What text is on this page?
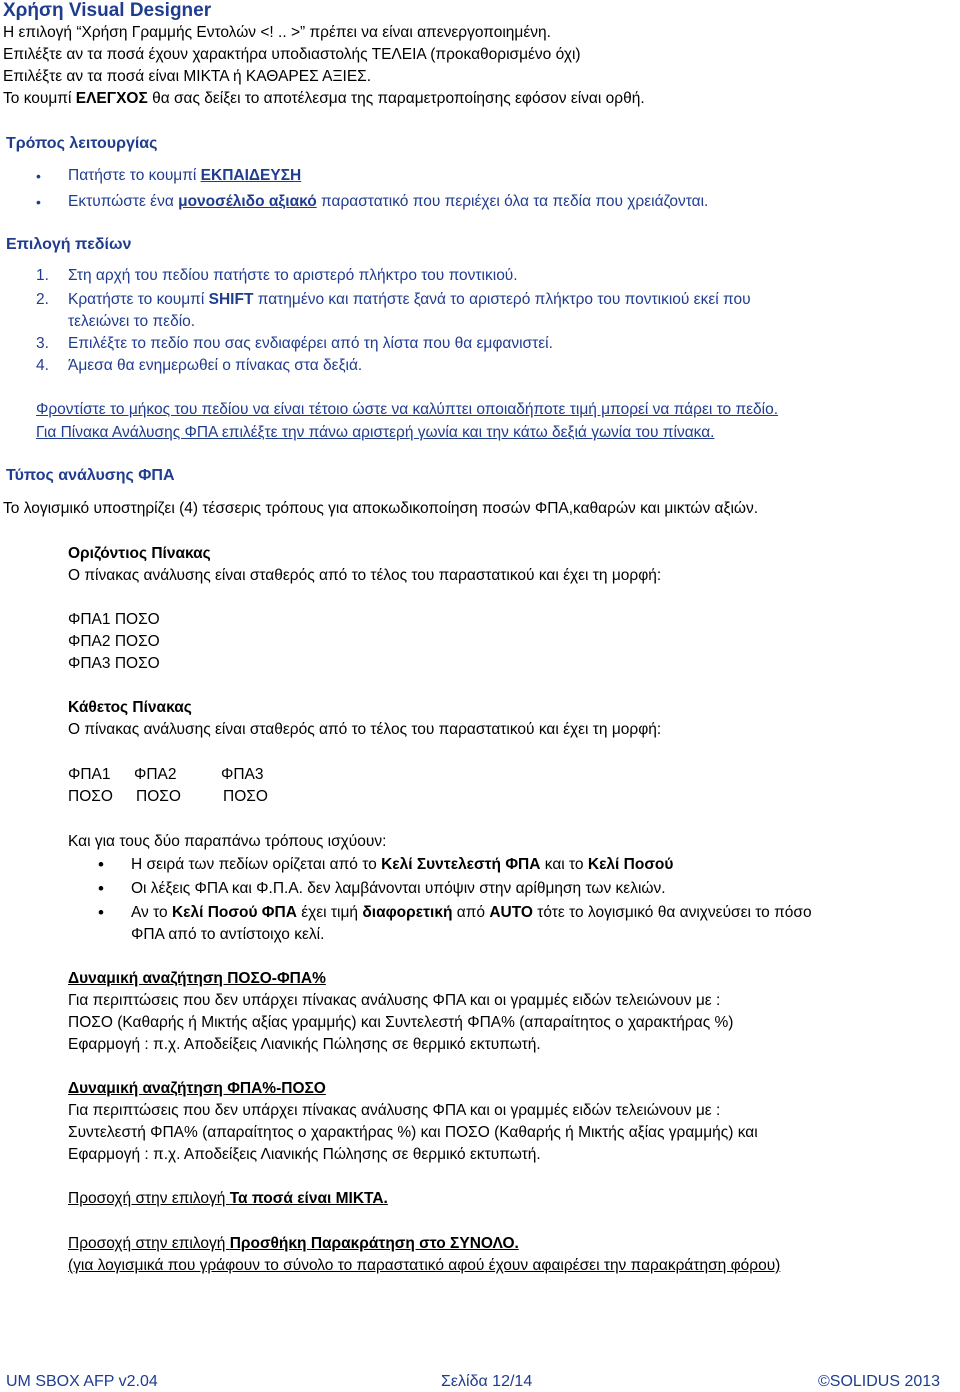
Χρήση Visual Designer
Η επιλογή “Χρήση Γραμμής Εντολών <! .. >” πρέπει να είναι απενεργοποιημένη.
Επιλέξτε αν τα ποσά έχουν χαρακτήρα υποδιαστολής ΤΕΛΕΙΑ (προκαθορισμένο όχι)
Επιλέξτε αν τα ποσά είναι ΜΙΚΤΑ ή ΚΑΘΑΡΕΣ ΑΞΙΕΣ.
Το κουμπί ΕΛΕΓΧΟΣ θα σας δείξει το αποτέλεσμα της παραμετροποίησης εφόσον είναι ορθή.
Τρόπος λειτουργίας
• Πατήστε το κουμπί ΕΚΠΑΙΔΕΥΣΗ
• Εκτυπώστε ένα μονοσέλιδο αξιακό παραστατικό που περιέχει όλα τα πεδία που χρειάζονται.
Επιλογή πεδίων
1. Στη αρχή του πεδίου πατήστε το αριστερό πλήκτρο του ποντικιού.
2. Κρατήστε το κουμπί SHIFT πατημένο και πατήστε ξανά το αριστερό πλήκτρο του ποντικιού εκεί που
τελειώνει το πεδίο.
3. Επιλέξτε το πεδίο που σας ενδιαφέρει από τη λίστα που θα εμφανιστεί.
4. Άμεσα θα ενημερωθεί ο πίνακας στα δεξιά.
Φροντίστε το μήκος του πεδίου να είναι τέτοιο ώστε να καλύπτει οποιαδήποτε τιμή μπορεί να πάρει το πεδίο.
Για Πίνακα Ανάλυσης ΦΠΑ επιλέξτε την πάνω αριστερή γωνία και την κάτω δεξιά γωνία του πίνακα.
Τύπος ανάλυσης ΦΠΑ
Το λογισμικό υποστηρίζει (4) τέσσερις τρόπους για αποκωδικοποίηση ποσών ΦΠΑ,καθαρών και μικτών αξιών.
Οριζόντιος Πίνακας
Ο πίνακας ανάλυσης είναι σταθερός από το τέλος του παραστατικού και έχει τη μορφή:
ΦΠΑ1 ΠΟΣΟ
ΦΠΑ2 ΠΟΣΟ
ΦΠΑ3 ΠΟΣΟ
Κάθετος Πίνακας
Ο πίνακας ανάλυσης είναι σταθερός από το τέλος του παραστατικού και έχει τη μορφή:
ΦΠΑ1 ΦΠΑ2	ΦΠΑ3
ΠΟΣΟ ΠΟΣΟ	ΠΟΣΟ
Και για τους δύο παραπάνω τρόπους ισχύουν:
• Η σειρά των πεδίων ορίζεται από το Κελί Συντελεστή ΦΠΑ και το Κελί Ποσού
• Οι λέξεις ΦΠΑ και Φ.Π.Α. δεν λαμβάνονται υπόψιν στην αρίθμηση των κελιών.
• Αν το Κελί Ποσού ΦΠΑ έχει τιμή διαφορετική από AUTO τότε το λογισμικό θα ανιχνεύσει το πόσο
ΦΠΑ από το αντίστοιχο κελί.
Δυναμική αναζήτηση ΠΟΣΟ-ΦΠΑ%
Για περιπτώσεις που δεν υπάρχει πίνακας ανάλυσης ΦΠΑ και οι γραμμές ειδών τελειώνουν με :
ΠΟΣΟ (Καθαρής ή Μικτής αξίας γραμμής) και Συντελεστή ΦΠΑ% (απαραίτητος ο χαρακτήρας %)
Εφαρμογή : π.χ. Αποδείξεις Λιανικής Πώλησης σε θερμικό εκτυπωτή.
Δυναμική αναζήτηση ΦΠΑ%-ΠΟΣΟ
Για περιπτώσεις που δεν υπάρχει πίνακας ανάλυσης ΦΠΑ και οι γραμμές ειδών τελειώνουν με :
Συντελεστή ΦΠΑ% (απαραίτητος ο χαρακτήρας %) και ΠΟΣΟ (Καθαρής ή Μικτής αξίας γραμμής) και
Εφαρμογή : π.χ. Αποδείξεις Λιανικής Πώλησης σε θερμικό εκτυπωτή.
Προσοχή στην επιλογή Τα ποσά είναι ΜΙΚΤΑ.
Προσοχή στην επιλογή Προσθήκη Παρακράτηση στο ΣΥΝΟΛΟ.
(για λογισμικά που γράφουν το σύνολο το παραστατικό αφού έχουν αφαιρέσει την παρακράτηση φόρου)
UM SBOX AFP v2.04	Σελίδα 12/14	©SOLIDUS 2013
